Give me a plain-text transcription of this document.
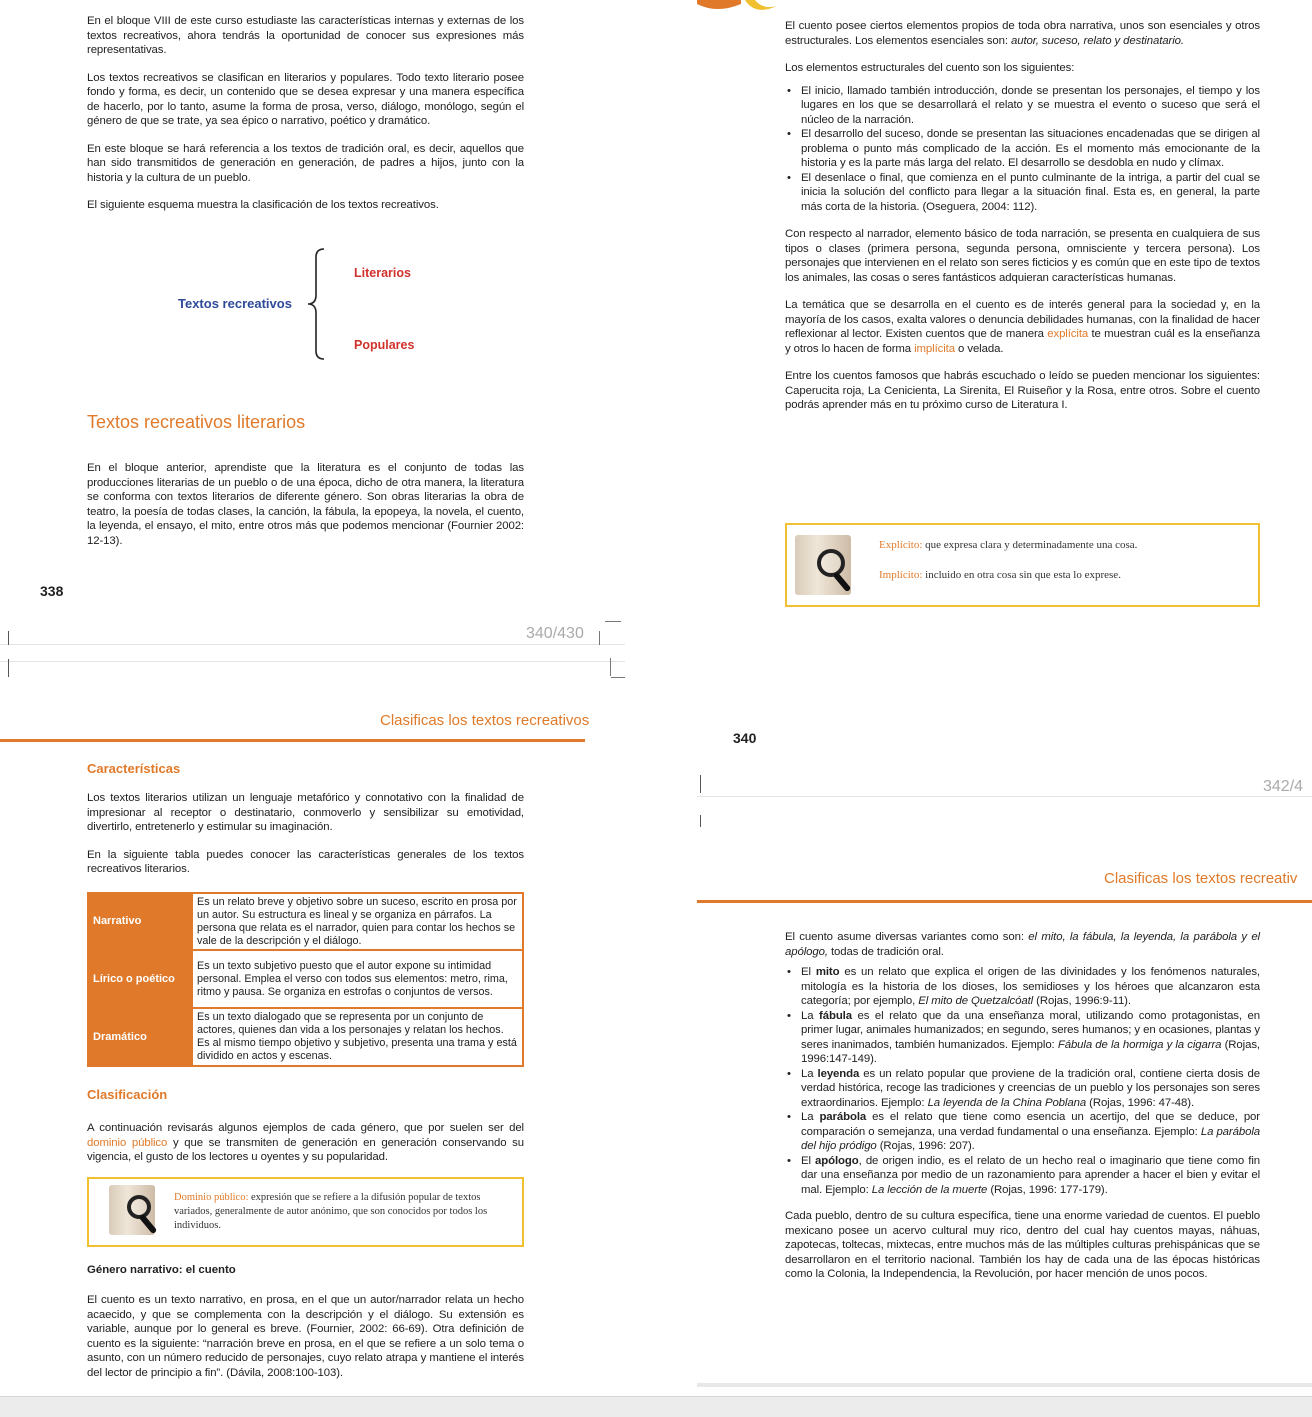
En el bloque VIII de este curso estudiaste las características internas y externas de los textos recreativos, ahora tendrás la oportunidad de conocer sus expresiones más representativas.

Los textos recreativos se clasifican en literarios y populares. Todo texto literario posee fondo y forma, es decir, un contenido que se desea expresar y una manera específica de hacerlo, por lo tanto, asume la forma de prosa, verso, diálogo, monólogo, según el género de que se trate, ya sea épico o narrativo, poético y dramático.

En este bloque se hará referencia a los textos de tradición oral, es decir, aquellos que han sido transmitidos de generación en generación, de padres a hijos, junto con la historia y la cultura de un pueblo.

El siguiente esquema muestra la clasificación de los textos recreativos.

Textos recreativos
Literarios
Populares
Textos recreativos literarios

En el bloque anterior, aprendiste que la literatura es el conjunto de todas las producciones literarias de un pueblo o de una época, dicho de otra manera, la literatura se conforma con textos literarios de diferente género. Son obras literarias la obra de teatro, la poesía de todas clases, la canción, la fábula, la epopeya, la novela, el cuento, la leyenda, el ensayo, el mito, entre otros más que podemos mencionar (Fournier 2002: 12-13).

338
340/430
Clasificas los textos recreativos
Características

Los textos literarios utilizan un lenguaje metafórico y connotativo con la finalidad de impresionar al receptor o destinatario, conmoverlo y sensibilizar su emotividad, divertirlo, entretenerlo y estimular su imaginación.

En la siguiente tabla puedes conocer las características generales de los textos recreativos literarios.

Narrativo	Es un relato breve y objetivo sobre un suceso, escrito en prosa por un autor. Su estructura es lineal y se organiza en párrafos. La persona que relata es el narrador, quien para contar los hechos se vale de la descripción y el diálogo.
Lírico o poético	Es un texto subjetivo puesto que el autor expone su intimidad personal. Emplea el verso con todos sus elementos: metro, rima, ritmo y pausa. Se organiza en estrofas o conjuntos de versos.
Dramático	Es un texto dialogado que se representa por un conjunto de actores, quienes dan vida a los personajes y relatan los hechos. Es al mismo tiempo objetivo y subjetivo, presenta una trama y está dividido en actos y escenas.
Clasificación

A continuación revisarás algunos ejemplos de cada género, que por suelen ser del dominio público y que se transmiten de generación en generación conservando su vigencia, el gusto de los lectores u oyentes y su popularidad.

Dominio público: expresión que se refiere a la difusión popular de textos variados, generalmente de autor anónimo, que son conocidos por todos los individuos.
Género narrativo: el cuento

El cuento es un texto narrativo, en prosa, en el que un autor/narrador relata un hecho acaecido, y que se complementa con la descripción y el diálogo. Su extensión es variable, aunque por lo general es breve. (Fournier, 2002: 66-69). Otra definición de cuento es la siguiente: “narración breve en prosa, en el que se refiere a un solo tema o asunto, con un número reducido de personajes, cuyo relato atrapa y mantiene el interés del lector de principio a fin”. (Dávila, 2008:100-103).

El cuento posee ciertos elementos propios de toda obra narrativa, unos son esenciales y otros estructurales. Los elementos esenciales son: autor, suceso, relato y destinatario.

Los elementos estructurales del cuento son los siguientes:

• El inicio, llamado también introducción, donde se presentan los personajes, el tiempo y los lugares en los que se desarrollará el relato y se muestra el evento o suceso que será el núcleo de la narración.
• El desarrollo del suceso, donde se presentan las situaciones encadenadas que se dirigen al problema o punto más complicado de la acción. Es el momento más emocionante de la historia y es la parte más larga del relato. El desarrollo se desdobla en nudo y clímax.
• El desenlace o final, que comienza en el punto culminante de la intriga, a partir del cual se inicia la solución del conflicto para llegar a la situación final. Esta es, en general, la parte más corta de la historia. (Oseguera, 2004: 112).

Con respecto al narrador, elemento básico de toda narración, se presenta en cualquiera de sus tipos o clases (primera persona, segunda persona, omnisciente y tercera persona). Los personajes que intervienen en el relato son seres ficticios y es común que en este tipo de textos los animales, las cosas o seres fantásticos adquieran características humanas.

La temática que se desarrolla en el cuento es de interés general para la sociedad y, en la mayoría de los casos, exalta valores o denuncia debilidades humanas, con la finalidad de hacer reflexionar al lector. Existen cuentos que de manera explícita te muestran cuál es la enseñanza y otros lo hacen de forma implícita o velada.

Entre los cuentos famosos que habrás escuchado o leído se pueden mencionar los siguientes: Caperucita roja, La Cenicienta, La Sirenita, El Ruiseñor y la Rosa, entre otros. Sobre el cuento podrás aprender más en tu próximo curso de Literatura I.

Explícito: que expresa clara y determinadamente una cosa.
Implícito: incluido en otra cosa sin que esta lo exprese.
340
342/4
Clasificas los textos recreativ

El cuento asume diversas variantes como son: el mito, la fábula, la leyenda, la parábola y el apólogo, todas de tradición oral.

• El mito es un relato que explica el origen de las divinidades y los fenómenos naturales, mitología es la historia de los dioses, los semidioses y los héroes que alcanzaron esta categoría; por ejemplo, El mito de Quetzalcóatl (Rojas, 1996:9-11).
• La fábula es el relato que da una enseñanza moral, utilizando como protagonistas, en primer lugar, animales humanizados; en segundo, seres humanos; y en ocasiones, plantas y seres inanimados, también humanizados. Ejemplo: Fábula de la hormiga y la cigarra (Rojas, 1996:147-149).
• La leyenda es un relato popular que proviene de la tradición oral, contiene cierta dosis de verdad histórica, recoge las tradiciones y creencias de un pueblo y los personajes son seres extraordinarios. Ejemplo: La leyenda de la China Poblana (Rojas, 1996: 47-48).
• La parábola es el relato que tiene como esencia un acertijo, del que se deduce, por comparación o semejanza, una verdad fundamental o una enseñanza. Ejemplo: La parábola del hijo pródigo (Rojas, 1996: 207).
• El apólogo, de origen indio, es el relato de un hecho real o imaginario que tiene como fin dar una enseñanza por medio de un razonamiento para aprender a hacer el bien y evitar el mal. Ejemplo: La lección de la muerte (Rojas, 1996: 177-179).

Cada pueblo, dentro de su cultura específica, tiene una enorme variedad de cuentos. El pueblo mexicano posee un acervo cultural muy rico, dentro del cual hay cuentos mayas, náhuas, zapotecas, toltecas, mixtecas, entre muchos más de las múltiples culturas prehispánicas que se desarrollaron en el territorio nacional. También los hay de cada una de las épocas históricas como la Colonia, la Independencia, la Revolución, por hacer mención de unos pocos.
